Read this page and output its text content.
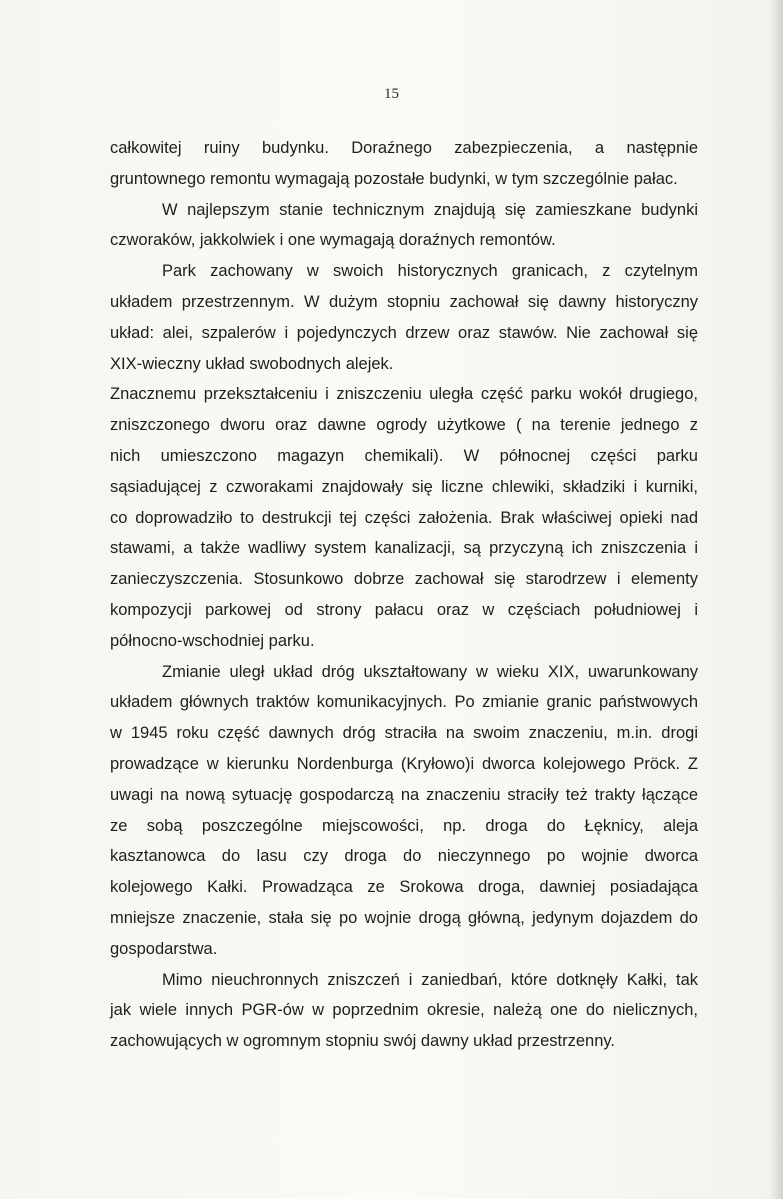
15
całkowitej ruiny budynku. Doraźnego zabezpieczenia, a następnie
gruntownego remontu wymagają pozostałe budynki, w tym szczególnie pałac.
W najlepszym stanie technicznym znajdują się zamieszkane budynki
czworaków, jakkolwiek i one wymagają doraźnych remontów.
Park zachowany w swoich historycznych granicach, z czytelnym
układem przestrzennym. W dużym stopniu zachował się dawny historyczny
układ: alei, szpalerów i pojedynczych drzew oraz stawów. Nie zachował się
XIX-wieczny układ swobodnych alejek.
Znacznemu przekształceniu i zniszczeniu uległa część parku wokół drugiego,
zniszczonego dworu oraz dawne ogrody użytkowe ( na terenie jednego z
nich umieszczono magazyn chemikali). W północnej części parku
sąsiadującej z czworakami znajdowały się liczne chlewiki, składziki i kurniki,
co doprowadziło to destrukcji tej części założenia. Brak właściwej opieki nad
stawami, a także wadliwy system kanalizacji, są przyczyną ich zniszczenia i
zanieczyszczenia. Stosunkowo dobrze zachował się starodrzew i elementy
kompozycji parkowej od strony pałacu oraz w częściach południowej i
północno-wschodniej parku.
Zmianie uległ układ dróg ukształtowany w wieku XIX, uwarunkowany
układem głównych traktów komunikacyjnych. Po zmianie granic państwowych
w 1945 roku część dawnych dróg straciła na swoim znaczeniu, m.in. drogi
prowadzące w kierunku Nordenburga (Kryłowo)i dworca kolejowego Pröck. Z
uwagi na nową sytuację gospodarczą na znaczeniu straciły też trakty łączące
ze sobą poszczególne miejscowości, np. droga do Łęknicy, aleja
kasztanowca do lasu czy droga do nieczynnego po wojnie dworca
kolejowego Kałki. Prowadząca ze Srokowa droga, dawniej posiadająca
mniejsze znaczenie, stała się po wojnie drogą główną, jedynym dojazdem do
gospodarstwa.
Mimo nieuchronnych zniszczeń i zaniedbań, które dotknęły Kałki, tak
jak wiele innych PGR-ów w poprzednim okresie, należą one do nielicznych,
zachowujących w ogromnym stopniu swój dawny układ przestrzenny.
